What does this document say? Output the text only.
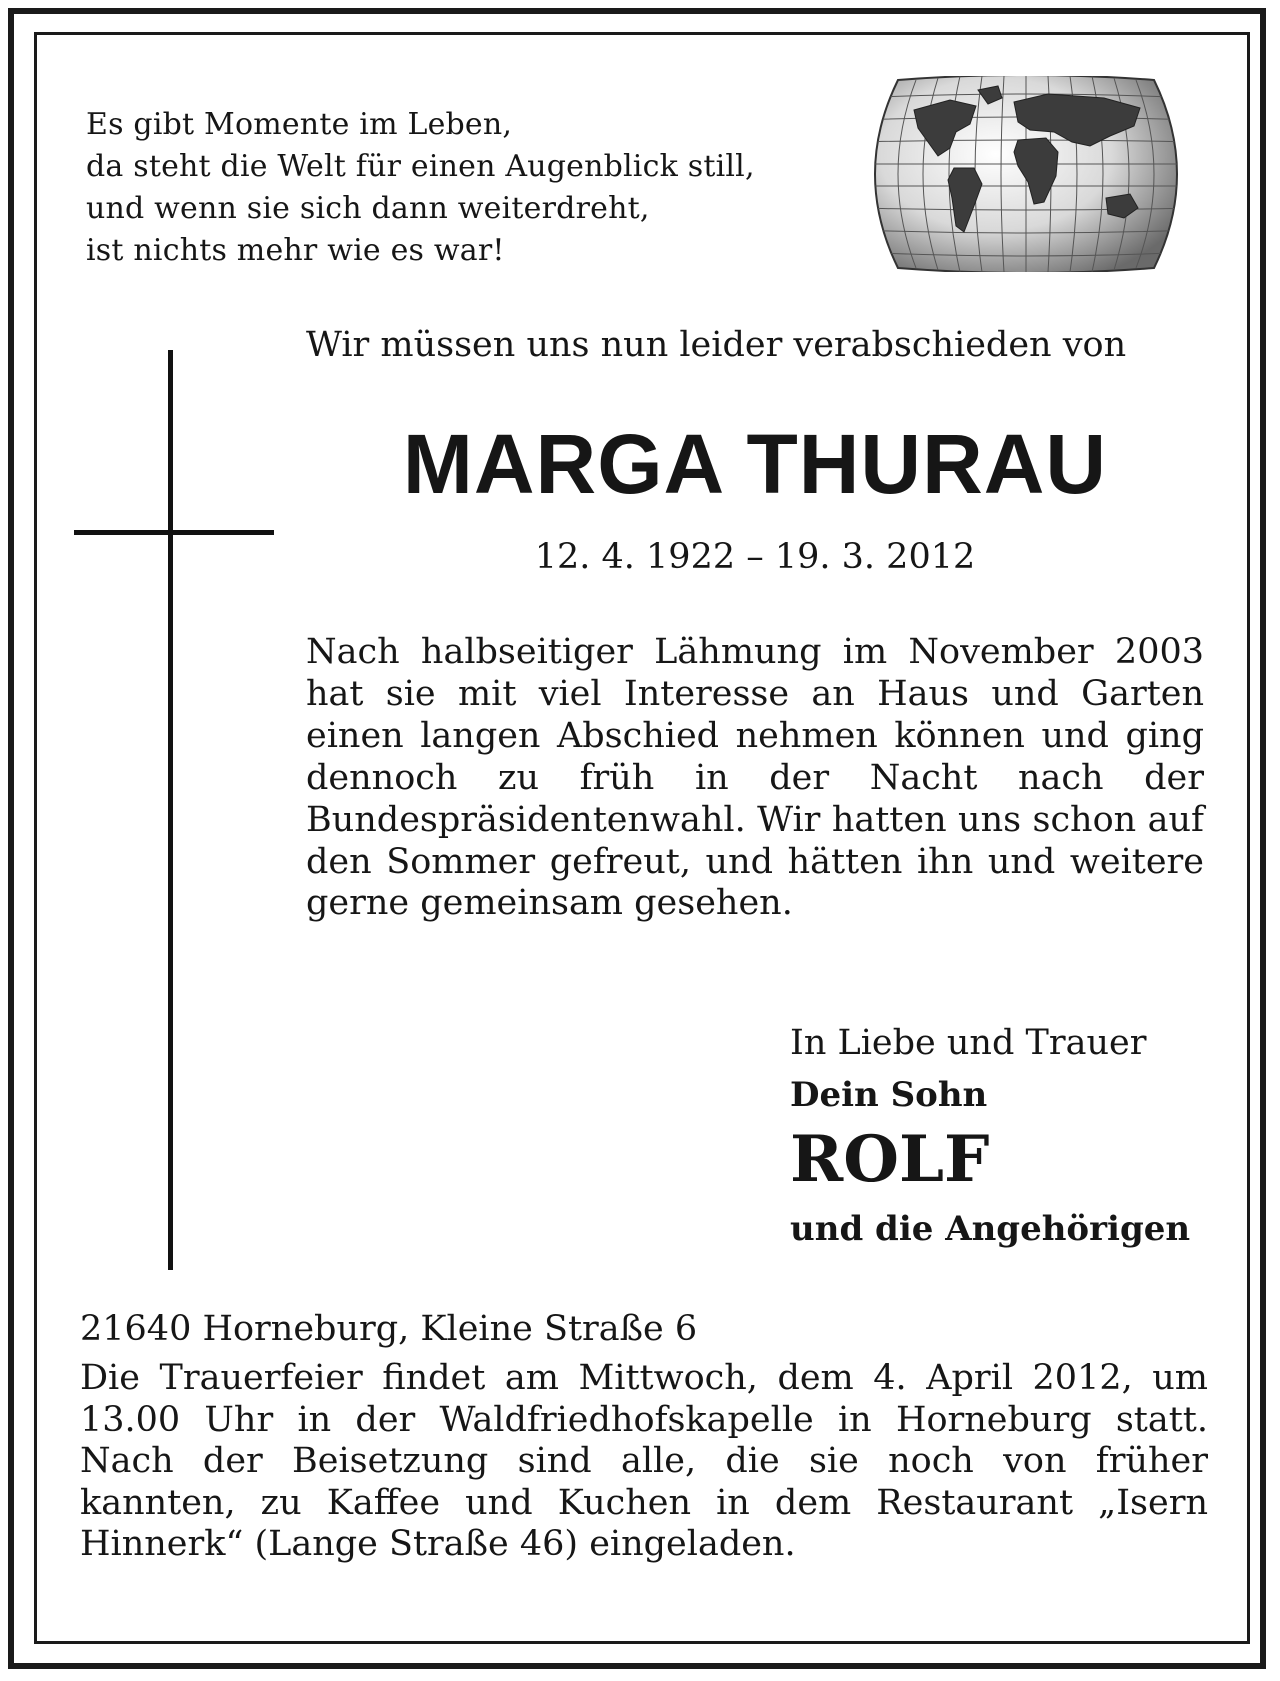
Es gibt Momente im Leben,
da steht die Welt für einen Augenblick still,
und wenn sie sich dann weiterdreht,
ist nichts mehr wie es war!
Wir müssen uns nun leider verabschieden von
MARGA THURAU
12. 4. 1922 – 19. 3. 2012
Nach halbseitiger Lähmung im November 2003 hat sie mit viel Interesse an Haus und Garten einen langen Abschied nehmen können und ging dennoch zu früh in der Nacht nach der Bundespräsidentenwahl. Wir hatten uns schon auf den Sommer gefreut, und hätten ihn und weitere gerne gemeinsam gesehen.
In Liebe und Trauer
Dein Sohn
ROLF
und die Angehörigen
21640 Horneburg, Kleine Straße 6
Die Trauerfeier findet am Mittwoch, dem 4. April 2012, um 13.00 Uhr in der Waldfriedhofskapelle in Horneburg statt. Nach der Beisetzung sind alle, die sie noch von früher kannten, zu Kaffee und Kuchen in dem Restaurant „Isern Hinnerk“ (Lange Straße 46) eingeladen.
